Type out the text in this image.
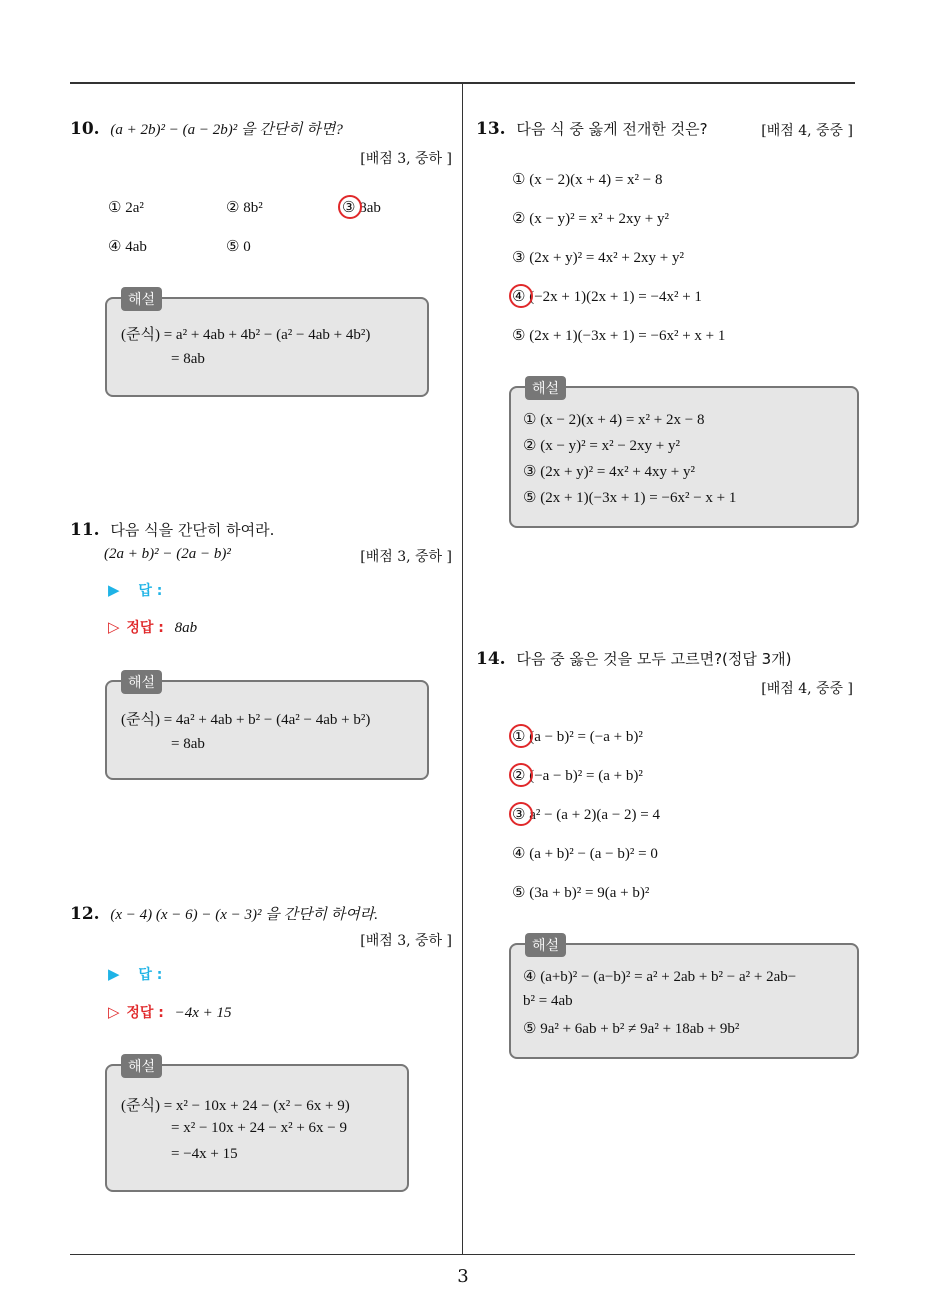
10. (a + 2b)² − (a − 2b)² 을 간단히 하면?
[배점 3, 중하 ]
① 2a²	② 8b²	③ 8ab
④ 4ab	⑤ 0
해설
(준식) = a² + 4ab + 4b² − (a² − 4ab + 4b²)
= 8ab
11. 다음 식을 간단히 하여라.
(2a + b)² − (2a − b)²	[배점 3, 중하 ]
▶ 답 :
▷ 정답 : 8ab
해설
(준식) = 4a² + 4ab + b² − (4a² − 4ab + b²)
= 8ab
12. (x − 4) (x − 6) − (x − 3)² 을 간단히 하여라.
[배점 3, 중하 ]
▶ 답 :
▷ 정답 : −4x + 15
해설
(준식) = x² − 10x + 24 − (x² − 6x + 9)
= x² − 10x + 24 − x² + 6x − 9
= −4x + 15
13. 다음 식 중 옳게 전개한 것은?	[배점 4, 중중 ]
① (x − 2)(x + 4) = x² − 8
② (x − y)² = x² + 2xy + y²
③ (2x + y)² = 4x² + 2xy + y²
④ (−2x + 1)(2x + 1) = −4x² + 1
⑤ (2x + 1)(−3x + 1) = −6x² + x + 1
해설
① (x − 2)(x + 4) = x² + 2x − 8
② (x − y)² = x² − 2xy + y²
③ (2x + y)² = 4x² + 4xy + y²
⑤ (2x + 1)(−3x + 1) = −6x² − x + 1
14. 다음 중 옳은 것을 모두 고르면?(정답 3개)
[배점 4, 중중 ]
① (a − b)² = (−a + b)²
② (−a − b)² = (a + b)²
③ a² − (a + 2)(a − 2) = 4
④ (a + b)² − (a − b)² = 0
⑤ (3a + b)² = 9(a + b)²
해설
④ (a+b)² − (a−b)² = a² + 2ab + b² − a² + 2ab−
b² = 4ab
⑤ 9a² + 6ab + b² ≠ 9a² + 18ab + 9b²
3
